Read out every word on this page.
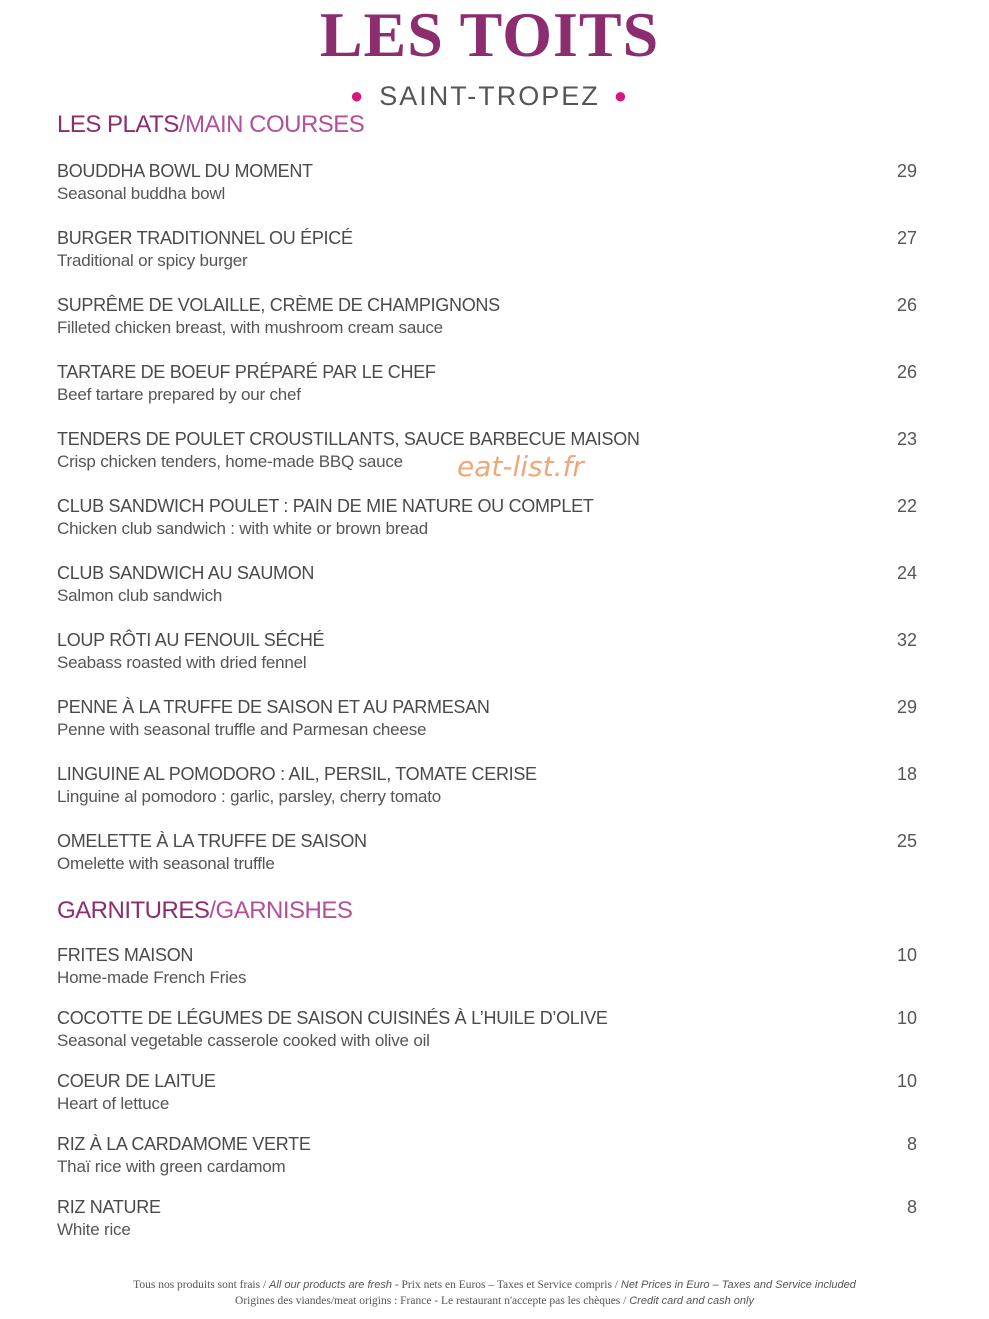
LES TOITS
● SAINT-TROPEZ ●
LES PLATS/MAIN COURSES
BOUDDHA BOWL DU MOMENT
Seasonal buddha bowl
29
BURGER TRADITIONNEL OU ÉPICÉ
Traditional or spicy burger
27
SUPRÊME DE VOLAILLE, CRÈME DE CHAMPIGNONS
Filleted chicken breast, with mushroom cream sauce
26
TARTARE DE BOEUF PRÉPARÉ PAR LE CHEF
Beef tartare prepared by our chef
26
TENDERS DE POULET CROUSTILLANTS, SAUCE BARBECUE MAISON
Crisp chicken tenders, home-made BBQ sauce
23
CLUB SANDWICH POULET : PAIN DE MIE NATURE OU COMPLET
Chicken club sandwich : with white or brown bread
22
CLUB SANDWICH AU SAUMON
Salmon club sandwich
24
LOUP RÔTI AU FENOUIL SÉCHÉ
Seabass roasted with dried fennel
32
PENNE À LA TRUFFE DE SAISON ET AU PARMESAN
Penne with seasonal truffle and Parmesan cheese
29
LINGUINE AL POMODORO : AIL, PERSIL, TOMATE CERISE
Linguine al pomodoro : garlic, parsley, cherry tomato
18
OMELETTE À LA TRUFFE DE SAISON
Omelette with seasonal truffle
25
GARNITURES/GARNISHES
FRITES MAISON
Home-made French Fries
10
COCOTTE DE LÉGUMES DE SAISON CUISINÉS À L’HUILE D’OLIVE
Seasonal vegetable casserole cooked with olive oil
10
COEUR DE LAITUE
Heart of lettuce
10
RIZ À LA CARDAMOME VERTE
Thaï rice with green cardamom
8
RIZ NATURE
White rice
8
eat-list.fr
Tous nos produits sont frais / All our products are fresh - Prix nets en Euros – Taxes et Service compris / Net Prices in Euro – Taxes and Service included
Origines des viandes/meat origins : France - Le restaurant n'accepte pas les chèques / Credit card and cash only
